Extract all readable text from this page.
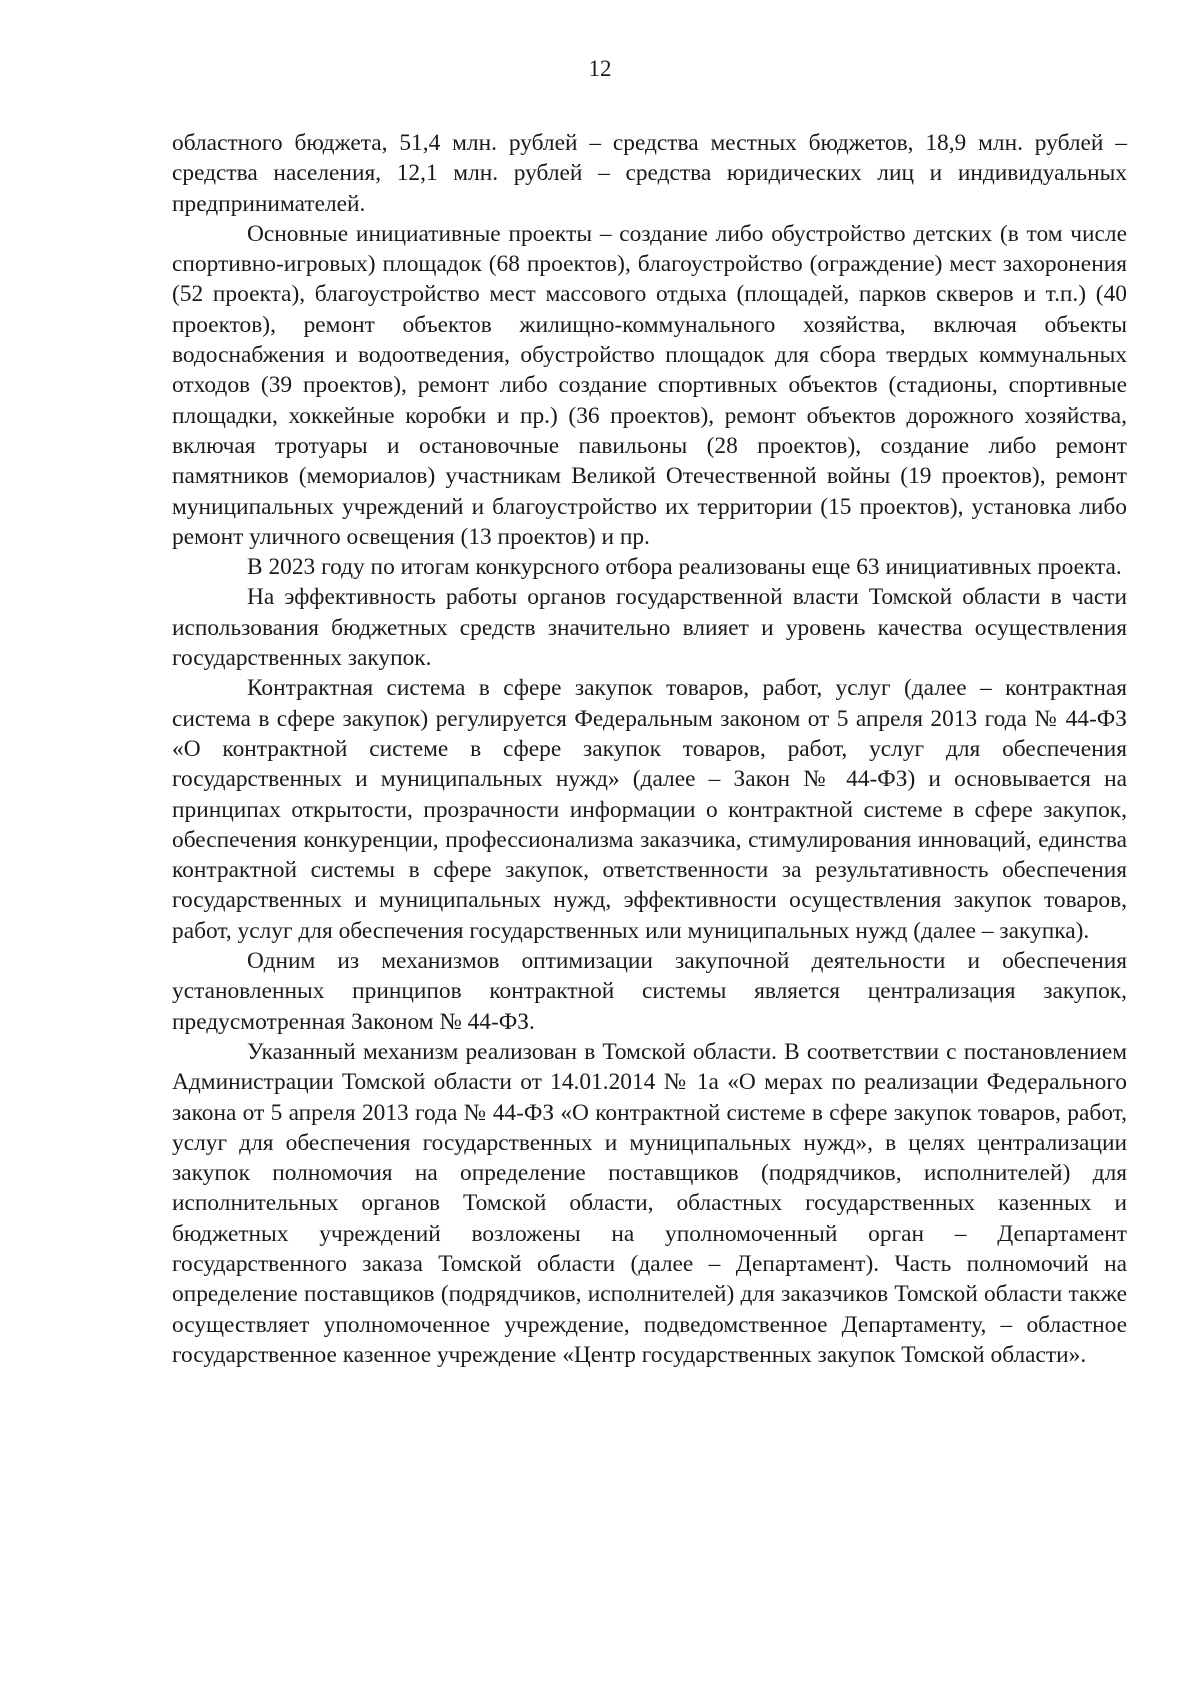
12

областного бюджета, 51,4 млн. рублей – средства местных бюджетов, 18,9 млн. рублей – средства населения, 12,1 млн. рублей – средства юридических лиц и индивидуальных предпринимателей.

Основные инициативные проекты – создание либо обустройство детских (в том числе спортивно-игровых) площадок (68 проектов), благоустройство (ограждение) мест захоронения (52 проекта), благоустройство мест массового отдыха (площадей, парков скверов и т.п.) (40 проектов), ремонт объектов жилищно-коммунального хозяйства, включая объекты водоснабжения и водоотведения, обустройство площадок для сбора твердых коммунальных отходов (39 проектов), ремонт либо создание спортивных объектов (стадионы, спортивные площадки, хоккейные коробки и пр.) (36 проектов), ремонт объектов дорожного хозяйства, включая тротуары и остановочные павильоны (28 проектов), создание либо ремонт памятников (мемориалов) участникам Великой Отечественной войны (19 проектов), ремонт муниципальных учреждений и благоустройство их территории (15 проектов), установка либо ремонт уличного освещения (13 проектов) и пр.

В 2023 году по итогам конкурсного отбора реализованы еще 63 инициативных проекта.

На эффективность работы органов государственной власти Томской области в части использования бюджетных средств значительно влияет и уровень качества осуществления государственных закупок.

Контрактная система в сфере закупок товаров, работ, услуг (далее – контрактная система в сфере закупок) регулируется Федеральным законом от 5 апреля 2013 года № 44-ФЗ «О контрактной системе в сфере закупок товаров, работ, услуг для обеспечения государственных и муниципальных нужд» (далее – Закон № 44-ФЗ) и основывается на принципах открытости, прозрачности информации о контрактной системе в сфере закупок, обеспечения конкуренции, профессионализма заказчика, стимулирования инноваций, единства контрактной системы в сфере закупок, ответственности за результативность обеспечения государственных и муниципальных нужд, эффективности осуществления закупок товаров, работ, услуг для обеспечения государственных или муниципальных нужд (далее – закупка).

Одним из механизмов оптимизации закупочной деятельности и обеспечения установленных принципов контрактной системы является централизация закупок, предусмотренная Законом № 44-ФЗ.

Указанный механизм реализован в Томской области. В соответствии с постановлением Администрации Томской области от 14.01.2014 № 1а «О мерах по реализации Федерального закона от 5 апреля 2013 года № 44-ФЗ «О контрактной системе в сфере закупок товаров, работ, услуг для обеспечения государственных и муниципальных нужд», в целях централизации закупок полномочия на определение поставщиков (подрядчиков, исполнителей) для исполнительных органов Томской области, областных государственных казенных и бюджетных учреждений возложены на уполномоченный орган – Департамент государственного заказа Томской области (далее – Департамент). Часть полномочий на определение поставщиков (подрядчиков, исполнителей) для заказчиков Томской области также осуществляет уполномоченное учреждение, подведомственное Департаменту, – областное государственное казенное учреждение «Центр государственных закупок Томской области».
